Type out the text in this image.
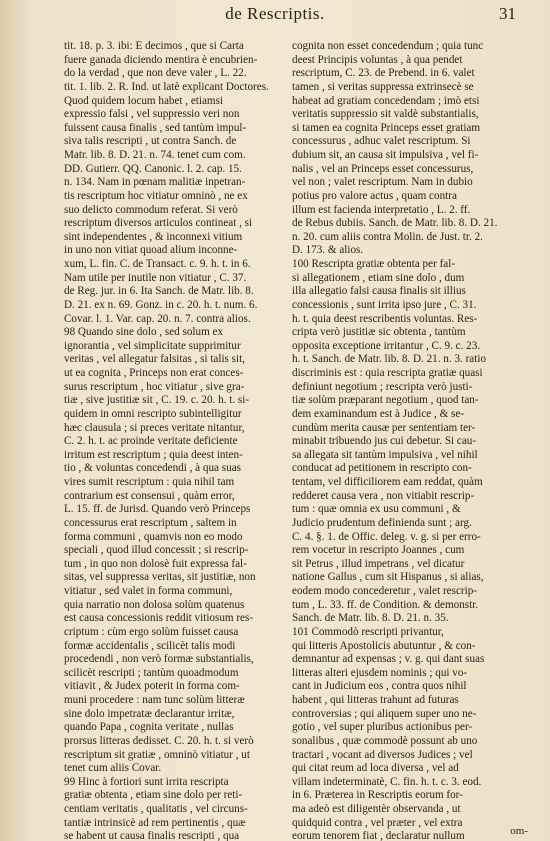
de Rescriptis.	31
tit. 18. p. 3. ibi: E decimos , que si Carta
fuere ganada diciendo mentira è encubrien-
do la verdad , que non deve valer , L. 22.
tit. 1. lib. 2. R. Ind. ut latè explicant Doctores.
Quod quidem locum habet , etiamsi
expressio falsi , vel suppressio veri non
fuissent causa finalis , sed tantùm impul-
siva talis rescripti , ut contra Sanch. de
Matr. lib. 8. D. 21. n. 74. tenet cum com.
DD. Gutierr. QQ. Canonic. l. 2. cap. 15.
n. 134. Nam in pœnam malitiæ inpetran-
tis rescriptum hoc vitiatur omninò , ne ex
suo delicto commodum referat. Si verò
rescriptum diversos articulos contineat , si
sint independentes , & inconnexi vitium
in uno non vitiat quoad alium inconne-
xum, L. fin. C. de Transact. c. 9. h. t. in 6.
Nam utile per inutile non vitiatur , C. 37.
de Reg. jur. in 6. Ita Sanch. de Matr. lib. 8.
D. 21. ex n. 69. Gonz. in c. 20. h. t. num. 6.
Covar. l. 1. Var. cap. 20. n. 7. contra alios.
98 Quando sine dolo , sed solum ex
ignorantia , vel simplicitate supprimitur
veritas , vel allegatur falsitas , si talis sit,
ut ea cognita , Princeps non erat conces-
surus rescriptum , hoc vitiatur , sive gra-
tiæ , sive justitiæ sit , C. 19. c. 20. h. t. si-
quidem in omni rescripto subintelligitur
hæc clausula ; si preces veritate nitantur,
C. 2. h. t. ac proinde veritate deficiente
irritum est rescriptum ; quia deest inten-
tio , & voluntas concedendi , à qua suas
vires sumit rescriptum : quia nihil tam
contrarium est consensui , quàm error,
L. 15. ff. de Jurisd. Quando verò Princeps
concessurus erat rescriptum , saltem in
forma communi , quamvis non eo modo
speciali , quod illud concessit ; si rescrip-
tum , in quo non dolosè fuit expressa fal-
sitas, vel suppressa veritas, sit justitiæ, non
vitiatur , sed valet in forma communi,
quia narratio non dolosa solùm quatenus
est causa concessionis reddit vitiosum res-
criptum : cùm ergo solùm fuisset causa
formæ accidentalis , scilicèt talis modi
procedendi , non verò formæ substantialis,
scilicèt rescripti ; tantùm quoadmodum
vitiavit , & Judex poterit in forma com-
muni procedere : nam tunc solùm litteræ
sine dolo impetratæ declarantur irritæ,
quando Papa , cognita veritate , nullas
prorsus litteras dedisset. C. 20. h. t. si verò
rescriptum sit gratiæ , omninò vitiatur , ut
tenet cum aliis Covar.
99 Hinc à fortiori sunt irrita rescripta
gratiæ obtenta , etiam sine dolo per reti-
centiam veritatis , qualitatis , vel circuns-
tantiæ intrinsicè ad rem pertinentis , quæ
se habent ut causa finalis rescripti , qua
cognita non esset concedendum ; quia tunc
deest Principis voluntas , à qua pendet
rescriptum, C. 23. de Prebend. in 6. valet
tamen , si veritas suppressa extrinsecè se
habeat ad gratiam concedendam ; imò etsi
veritatis suppressio sit valdè substantialis,
si tamen ea cognita Princeps esset gratiam
concessurus , adhuc valet rescriptum. Si
dubium sit, an causa sit impulsiva , vel fi-
nalis , vel an Princeps esset concessurus,
vel non ; valet rescriptum. Nam in dubio
potius pro valore actus , quam contra
illum est facienda interpretatio , L. 2. ff.
de Rebus dubiis. Sanch. de Matr. lib. 8. D. 21.
n. 20. cum aliis contra Molin. de Just. tr. 2.
D. 173. & alios.
100 Rescripta gratiæ obtenta per fal-
si allegationem , etiam sine dolo , dum
illa allegatio falsi causa finalis sit illius
concessionis , sunt irrita ipso jure , C. 31.
h. t. quia deest rescribentis voluntas. Res-
cripta verò justitiæ sic obtenta , tantùm
opposita exceptione irritantur , C. 9. c. 23.
h. t. Sanch. de Matr. lib. 8. D. 21. n. 3. ratio
discriminis est : quia rescripta gratiæ quasi
definiunt negotium ; rescripta verò justi-
tiæ solùm præparant negotium , quod tan-
dem examinandum est à Judice , & se-
cundùm merita causæ per sententiam ter-
minabit tribuendo jus cui debetur. Si cau-
sa allegata sit tantùm impulsiva , vel nihil
conducat ad petitionem in rescripto con-
tentam, vel difficiliorem eam reddat, quàm
redderet causa vera , non vitiabit rescrip-
tum : quæ omnia ex usu communi , &
Judicio prudentum definienda sunt ; arg.
C. 4. §. 1. de Offic. deleg. v. g. si per erro-
rem vocetur in rescripto Joannes , cum
sit Petrus , illud impetrans , vel dicatur
natione Gallus , cum sit Hispanus , si alias,
eodem modo concederetur , valet rescrip-
tum , L. 33. ff. de Condition. & demonstr.
Sanch. de Matr. lib. 8. D. 21. n. 35.
101 Commodò rescripti privantur,
qui litteris Apostolicis abutuntur , & con-
demnantur ad expensas ; v. g. qui dant suas
litteras alteri ejusdem nominis ; qui vo-
cant in Judicium eos , contra quos nihil
habent , qui litteras trahunt ad futuras
controversias ; qui aliquem super uno ne-
gotio , vel super pluribus actionibus per-
sonalibus , quæ commodè possunt ab uno
tractari , vocant ad diversos Judices ; vel
qui citat reum ad loca diversa , vel ad
villam indeterminatè, C. fin. h. t. c. 3. eod.
in 6. Præterea in Rescriptis eorum for-
ma adeò est diligentèr observanda , ut
quidquid contra , vel præter , vel extra
eorum tenorem fiat , declaratur nullum	om-
